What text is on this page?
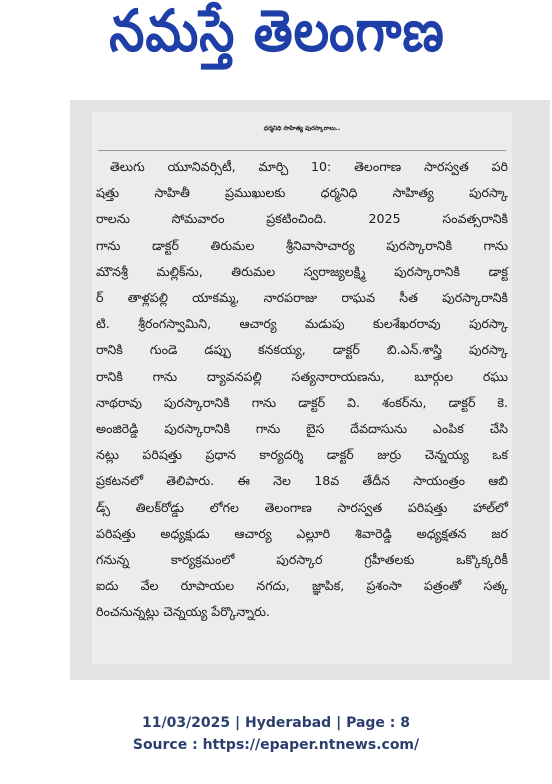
నమస్తే తెలంగాణ
ధర్మనిధి సాహిత్య పురస్కారాలు..
తెలుగు యూనివర్సిటీ, మార్చి 10: తెలంగాణ సారస్వత పరి
షత్తు సాహితీ ప్రముఖులకు ధర్మనిధి సాహిత్య పురస్కా
రాలను సోమవారం ప్రకటించింది. 2025 సంవత్సరానికి
గాను డాక్టర్ తిరుమల శ్రీనివాసాచార్య పురస్కారానికి గాను
మౌనశ్రీ మల్లిక్‌ను, తిరుమల స్వరాజ్యలక్ష్మి పురస్కారానికి డాక్ట
ర్ తాళ్లపల్లి యాకమ్మ, నారపరాజు రాఘవ సీత పురస్కారానికి
టి. శ్రీరంగస్వామిని, ఆచార్య మడుపు కులశేఖరరావు పురస్కా
రానికి గుండె డప్పు కనకయ్య, డాక్టర్ బి.ఎన్.శాస్త్రి పురస్కా
రానికి గాను ద్యావనపల్లి సత్యనారాయణను, బూర్గుల రఘు
నాథరావు పురస్కారానికి గాను డాక్టర్ వి. శంకర్‌ను, డాక్టర్ కె.
అంజిరెడ్డి పురస్కారానికి గాను బైస దేవదాసును ఎంపిక చేసి
నట్లు పరిషత్తు ప్రధాన కార్యదర్శి డాక్టర్ జుర్రు చెన్నయ్య ఒక
ప్రకటనలో తెలిపారు. ఈ నెల 18వ తేదీన సాయంత్రం ఆబి
డ్స్ తిలక్‌రోడ్డు లోగల తెలంగాణ సారస్వత పరిషత్తు హాల్‌లో
పరిషత్తు అధ్యక్షుడు ఆచార్య ఎల్లూరి శివారెడ్డి అధ్యక్షతన జర
గనున్న కార్యక్రమంలో పురస్కార గ్రహీతలకు ఒక్కొక్కరికీ
ఐదు వేల రూపాయల నగదు, జ్ఞాపిక, ప్రశంసా పత్రంతో సత్క
రించనున్నట్లు చెన్నయ్య పేర్కొన్నారు.
11/03/2025 | Hyderabad | Page : 8
Source : https://epaper.ntnews.com/
